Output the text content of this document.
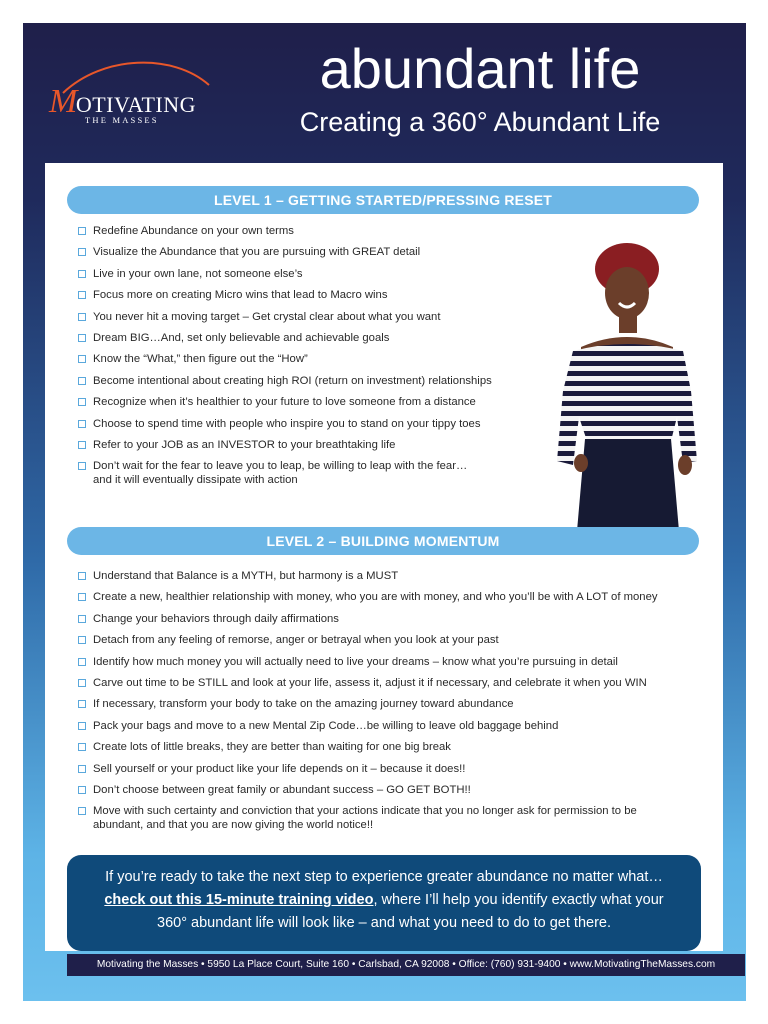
MOTIVATING
THE MASSES
abundant life
Creating a 360° Abundant Life
LEVEL 1 – GETTING STARTED/PRESSING RESET
Redefine Abundance on your own terms
Visualize the Abundance that you are pursuing with GREAT detail
Live in your own lane, not someone else’s
Focus more on creating Micro wins that lead to Macro wins
You never hit a moving target – Get crystal clear about what you want
Dream BIG…And, set only believable and achievable goals
Know the “What,” then figure out the “How”
Become intentional about creating high ROI (return on investment) relationships
Recognize when it’s healthier to your future to love someone from a distance
Choose to spend time with people who inspire you to stand on your tippy toes
Refer to your JOB as an INVESTOR to your breathtaking life
Don’t wait for the fear to leave you to leap, be willing to leap with the fear…
and it will eventually dissipate with action
LEVEL 2 – BUILDING MOMENTUM
Understand that Balance is a MYTH, but harmony is a MUST
Create a new, healthier relationship with money, who you are with money, and who you’ll be with A LOT of money
Change your behaviors through daily affirmations
Detach from any feeling of remorse, anger or betrayal when you look at your past
Identify how much money you will actually need to live your dreams – know what you’re pursuing in detail
Carve out time to be STILL and look at your life, assess it, adjust it if necessary, and celebrate it when you WIN
If necessary, transform your body to take on the amazing journey toward abundance
Pack your bags and move to a new Mental Zip Code…be willing to leave old baggage behind
Create lots of little breaks, they are better than waiting for one big break
Sell yourself or your product like your life depends on it – because it does!!
Don’t choose between great family or abundant success – GO GET BOTH!!
Move with such certainty and conviction that your actions indicate that you no longer ask for permission to be
abundant, and that you are now giving the world notice!!
If you’re ready to take the next step to experience greater abundance no matter what…
check out this 15-minute training video, where I’ll help you identify exactly what your
360° abundant life will look like – and what you need to do to get there.
Motivating the Masses • 5950 La Place Court, Suite 160 • Carlsbad, CA 92008 • Office: (760) 931-9400 • www.MotivatingTheMasses.com
